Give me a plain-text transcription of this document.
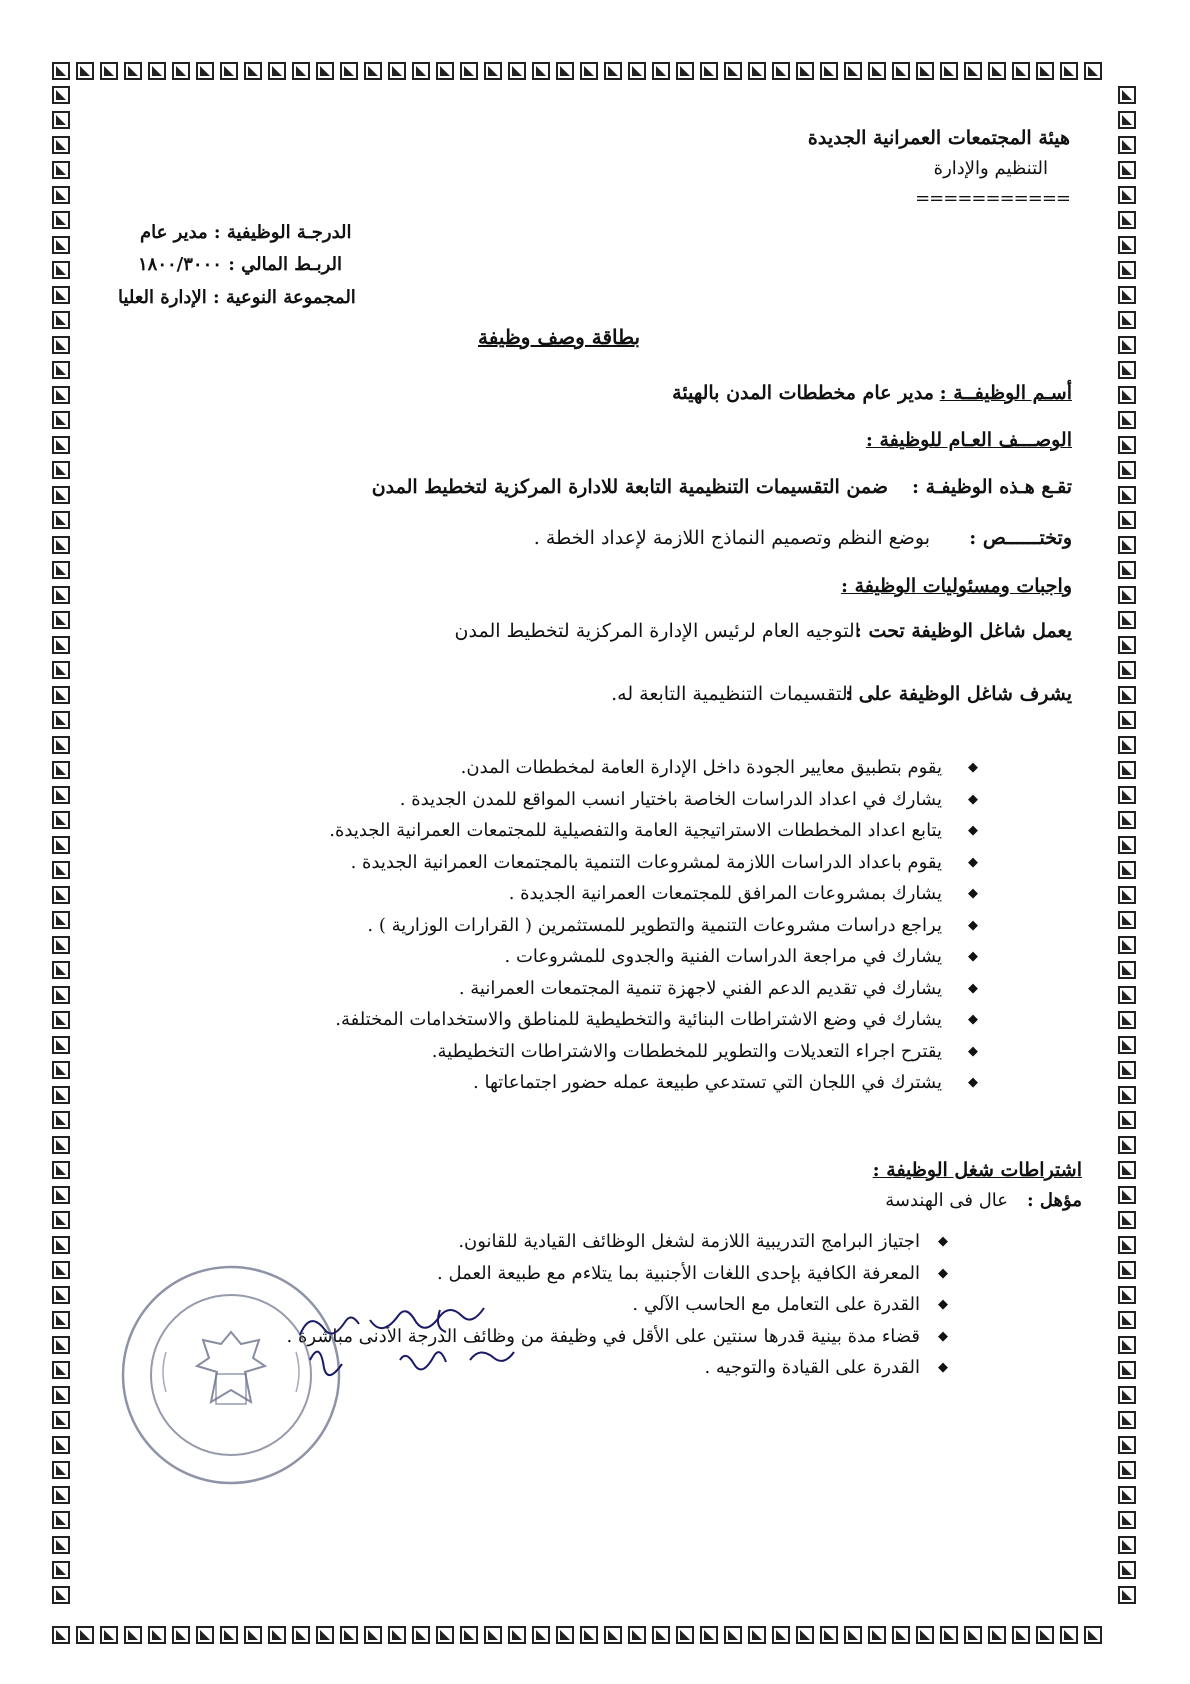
هيئة المجتمعات العمرانية الجديدة
التنظيم والإدارة
===========
الدرجـة الوظيفية : مدير عام
الربـط المالي : ١٨٠٠/٣٠٠٠
المجموعة النوعية : الإدارة العليا
بطاقة وصف وظيفة
أسـم الوظيفــة :
مدير عام مخططات المدن بالهيئة
الوصـــف العـام للوظيفة :
تقـع هـذه الوظيفـة :
ضمن التقسيمات التنظيمية التابعة للادارة المركزية لتخطيط المدن
وتختــــــص :
بوضع النظم وتصميم النماذج اللازمة لإعداد الخطة .
واجبات ومسئوليات الوظيفة :
يعمل شاغل الوظيفة تحت :
التوجيه العام لرئيس الإدارة المركزية لتخطيط المدن
يشرف شاغل الوظيفة على :
التقسيمات التنظيمية التابعة له.
◆ يقوم بتطبيق معايير الجودة داخل الإدارة العامة لمخططات المدن.
◆ يشارك في اعداد الدراسات الخاصة باختيار انسب المواقع للمدن الجديدة .
◆ يتابع اعداد المخططات الاستراتيجية العامة والتفصيلية للمجتمعات العمرانية الجديدة.
◆ يقوم باعداد الدراسات اللازمة لمشروعات التنمية بالمجتمعات العمرانية الجديدة .
◆ يشارك بمشروعات المرافق للمجتمعات العمرانية الجديدة .
◆ يراجع دراسات مشروعات التنمية والتطوير للمستثمرين ( القرارات الوزارية ) .
◆ يشارك في مراجعة الدراسات الفنية والجدوى للمشروعات .
◆ يشارك في تقديم الدعم الفني لاجهزة تنمية المجتمعات العمرانية .
◆ يشارك في وضع الاشتراطات البنائية والتخطيطية للمناطق والاستخدامات المختلفة.
◆ يقترح اجراء التعديلات والتطوير للمخططات والاشتراطات التخطيطية.
◆ يشترك في اللجان التي تستدعي طبيعة عمله حضور اجتماعاتها .
اشتراطات شغل الوظيفة :
مؤهل :
عال فى الهندسة
◆ اجتياز البرامج التدريبية اللازمة لشغل الوظائف القيادية للقانون.
◆ المعرفة الكافية بإحدى اللغات الأجنبية بما يتلاءم مع طبيعة العمل .
◆ القدرة على التعامل مع الحاسب الآلي .
◆ قضاء مدة بينية قدرها سنتين على الأقل في وظيفة من وظائف الدرجة الأدنى مباشرة .
◆ القدرة على القيادة والتوجيه .
